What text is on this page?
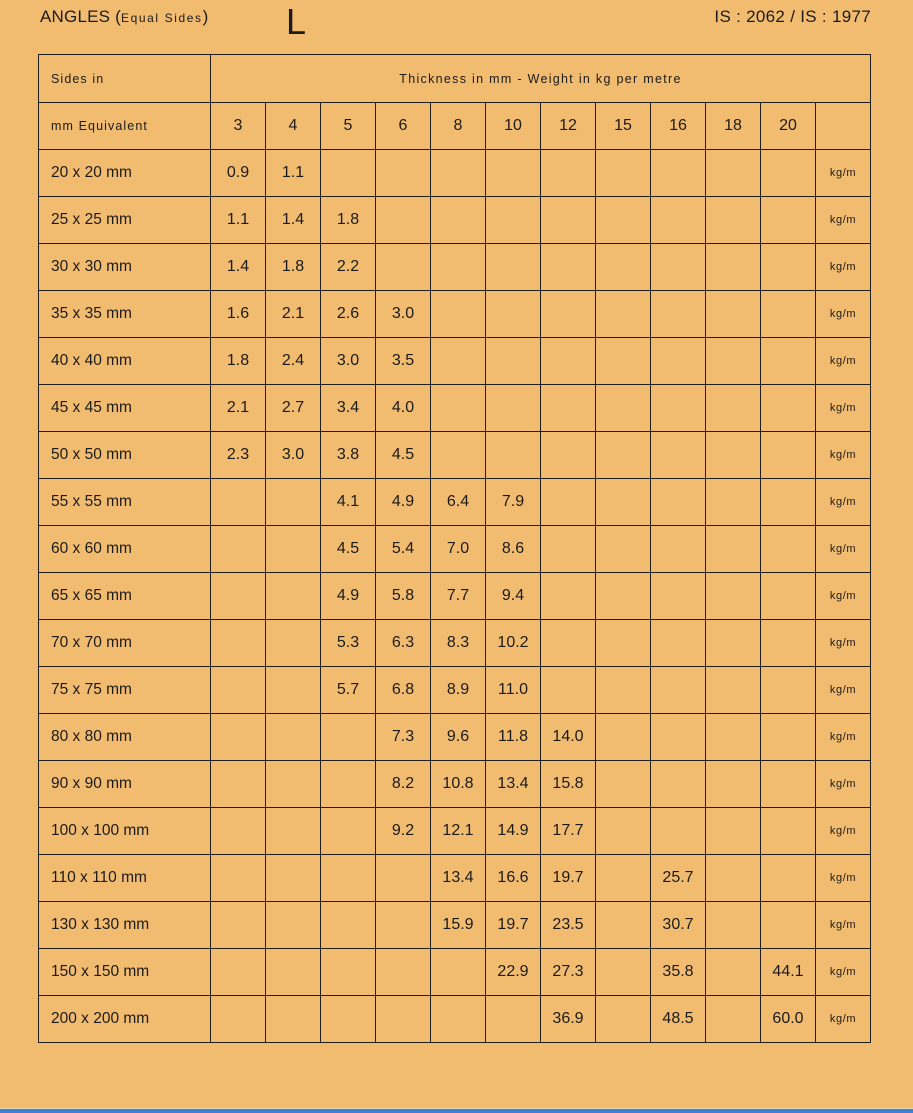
ANGLES (Equal Sides) L	IS : 2062 / IS : 1977
Sides in	Thickness in mm - Weight in kg per metre											
mm Equivalent	3	4	5	6	8	10	12	15	16	18	20	
20 x 20 mm	0.9	1.1										kg/m
25 x 25 mm	1.1	1.4	1.8									kg/m
30 x 30 mm	1.4	1.8	2.2									kg/m
35 x 35 mm	1.6	2.1	2.6	3.0								kg/m
40 x 40 mm	1.8	2.4	3.0	3.5								kg/m
45 x 45 mm	2.1	2.7	3.4	4.0								kg/m
50 x 50 mm	2.3	3.0	3.8	4.5								kg/m
55 x 55 mm			4.1	4.9	6.4	7.9						kg/m
60 x 60 mm			4.5	5.4	7.0	8.6						kg/m
65 x 65 mm			4.9	5.8	7.7	9.4						kg/m
70 x 70 mm			5.3	6.3	8.3	10.2						kg/m
75 x 75 mm			5.7	6.8	8.9	11.0						kg/m
80 x 80 mm				7.3	9.6	11.8	14.0					kg/m
90 x 90 mm				8.2	10.8	13.4	15.8					kg/m
100 x 100 mm				9.2	12.1	14.9	17.7					kg/m
110 x 110 mm					13.4	16.6	19.7		25.7			kg/m
130 x 130 mm					15.9	19.7	23.5		30.7			kg/m
150 x 150 mm						22.9	27.3		35.8		44.1	kg/m
200 x 200 mm							36.9		48.5		60.0	kg/m
